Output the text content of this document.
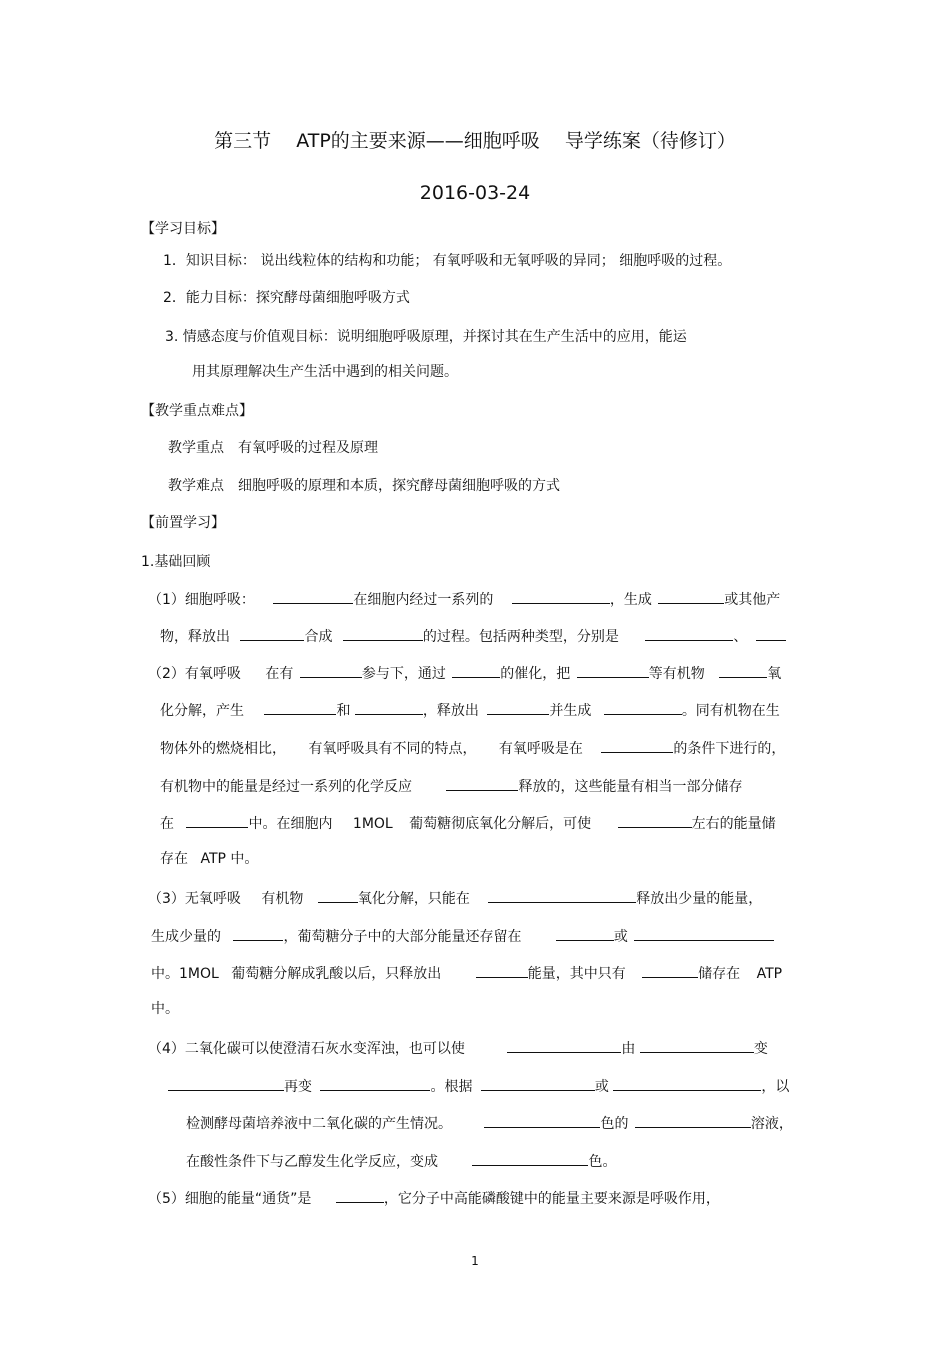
第三节　 ATP的主要来源——细胞呼吸　 导学练案（待修订）
2016-03-24
【学习目标】
1．知识目标： 说出线粒体的结构和功能； 有氧呼吸和无氧呼吸的异同； 细胞呼吸的过程。
2．能力目标：探究酵母菌细胞呼吸方式
3. 情感态度与价值观目标：说明细胞呼吸原理，并探讨其在生产生活中的应用，能运
用其原理解决生产生活中遇到的相关问题。
【教学重点难点】
教学重点　有氧呼吸的过程及原理
教学难点　细胞呼吸的原理和本质，探究酵母菌细胞呼吸的方式
【前置学习】
1.基础回顾
（1）细胞呼吸：	在细胞内经过一系列的	，生成	或其他产
物，释放出	合成	的过程。包括两种类型，分别是	、
（2）有氧呼吸 在有	参与下，通过	的催化，把	等有机物	氧
化分解，产生	和	，释放出	并生成	。同有机物在生
物体外的燃烧相比， 有氧呼吸具有不同的特点， 有氧呼吸是在	的条件下进行的，
有机物中的能量是经过一系列的化学反应	释放的，这些能量有相当一部分储存
在	中。在细胞内 1MOL 葡萄糖彻底氧化分解后，可使	左右的能量储
存在 ATP 中。
（3）无氧呼吸 有机物	氧化分解，只能在	释放出少量的能量，
生成少量的	，葡萄糖分子中的大部分能量还存留在	或
中。1MOL 葡萄糖分解成乳酸以后，只释放出	能量，其中只有	储存在 ATP
中。
（4）二氧化碳可以使澄清石灰水变浑浊，也可以使	由	变
再变	。根据	或	，以
检测酵母菌培养液中二氧化碳的产生情况。	色的	溶液，
在酸性条件下与乙醇发生化学反应，变成	色。
（5）细胞的能量“通货”是	，它分子中高能磷酸键中的能量主要来源是呼吸作用，
1
